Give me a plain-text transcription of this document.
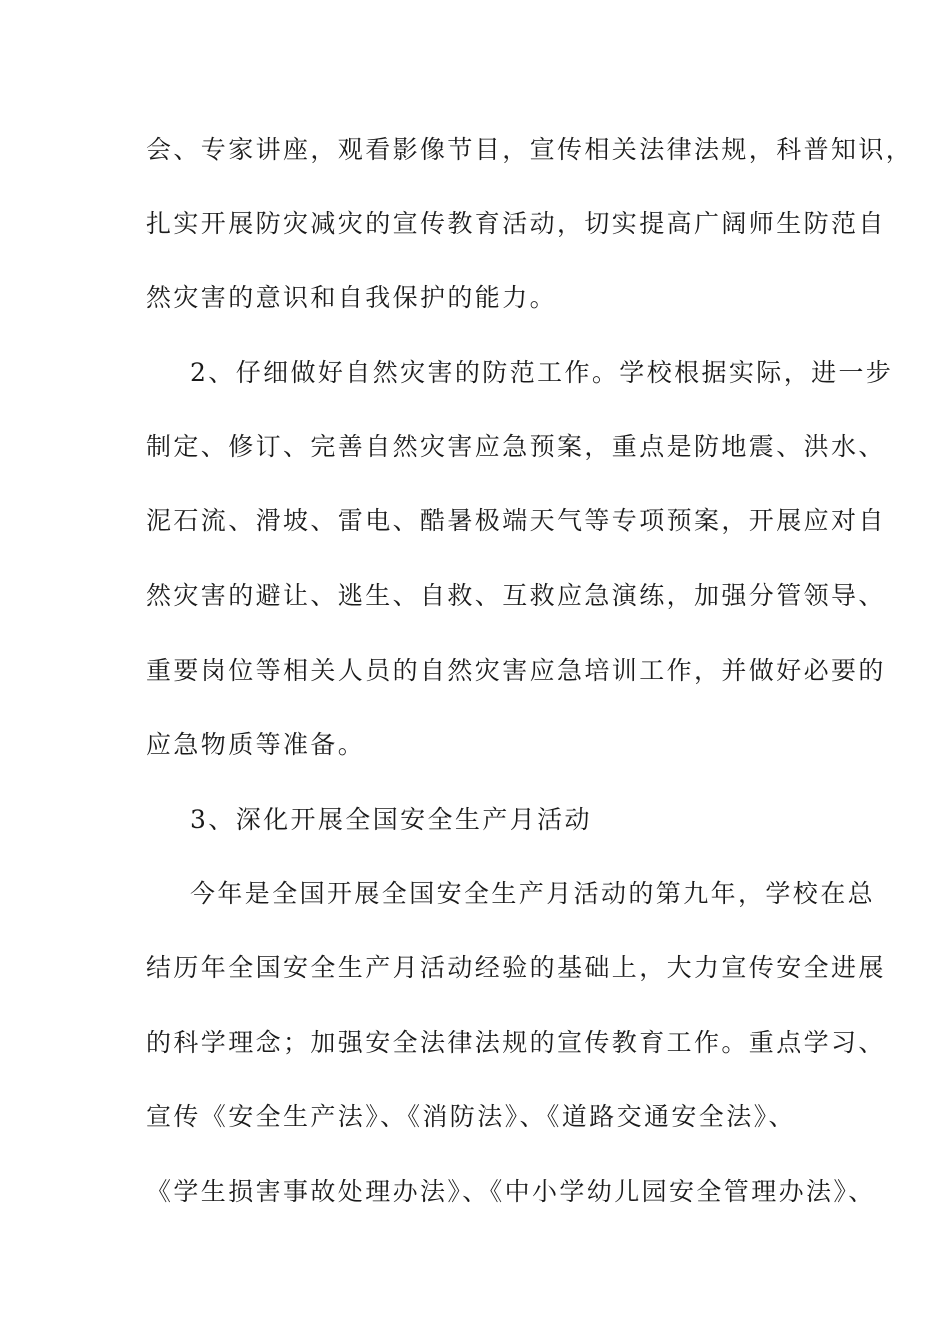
会、专家讲座，观看影像节目，宣传相关法律法规，科普知识，
扎实开展防灾减灾的宣传教育活动，切实提高广阔师生防范自
然灾害的意识和自我保护的能力。
2、仔细做好自然灾害的防范工作。学校根据实际，进一步
制定、修订、完善自然灾害应急预案，重点是防地震、洪水、
泥石流、滑坡、雷电、酷暑极端天气等专项预案，开展应对自
然灾害的避让、逃生、自救、互救应急演练，加强分管领导、
重要岗位等相关人员的自然灾害应急培训工作，并做好必要的
应急物质等准备。
3、深化开展全国安全生产月活动
今年是全国开展全国安全生产月活动的第九年，学校在总
结历年全国安全生产月活动经验的基础上，大力宣传安全进展
的科学理念；加强安全法律法规的宣传教育工作。重点学习、
宣传《安全生产法》、《消防法》、《道路交通安全法》、
《学生损害事故处理办法》、《中小学幼儿园安全管理办法》、
